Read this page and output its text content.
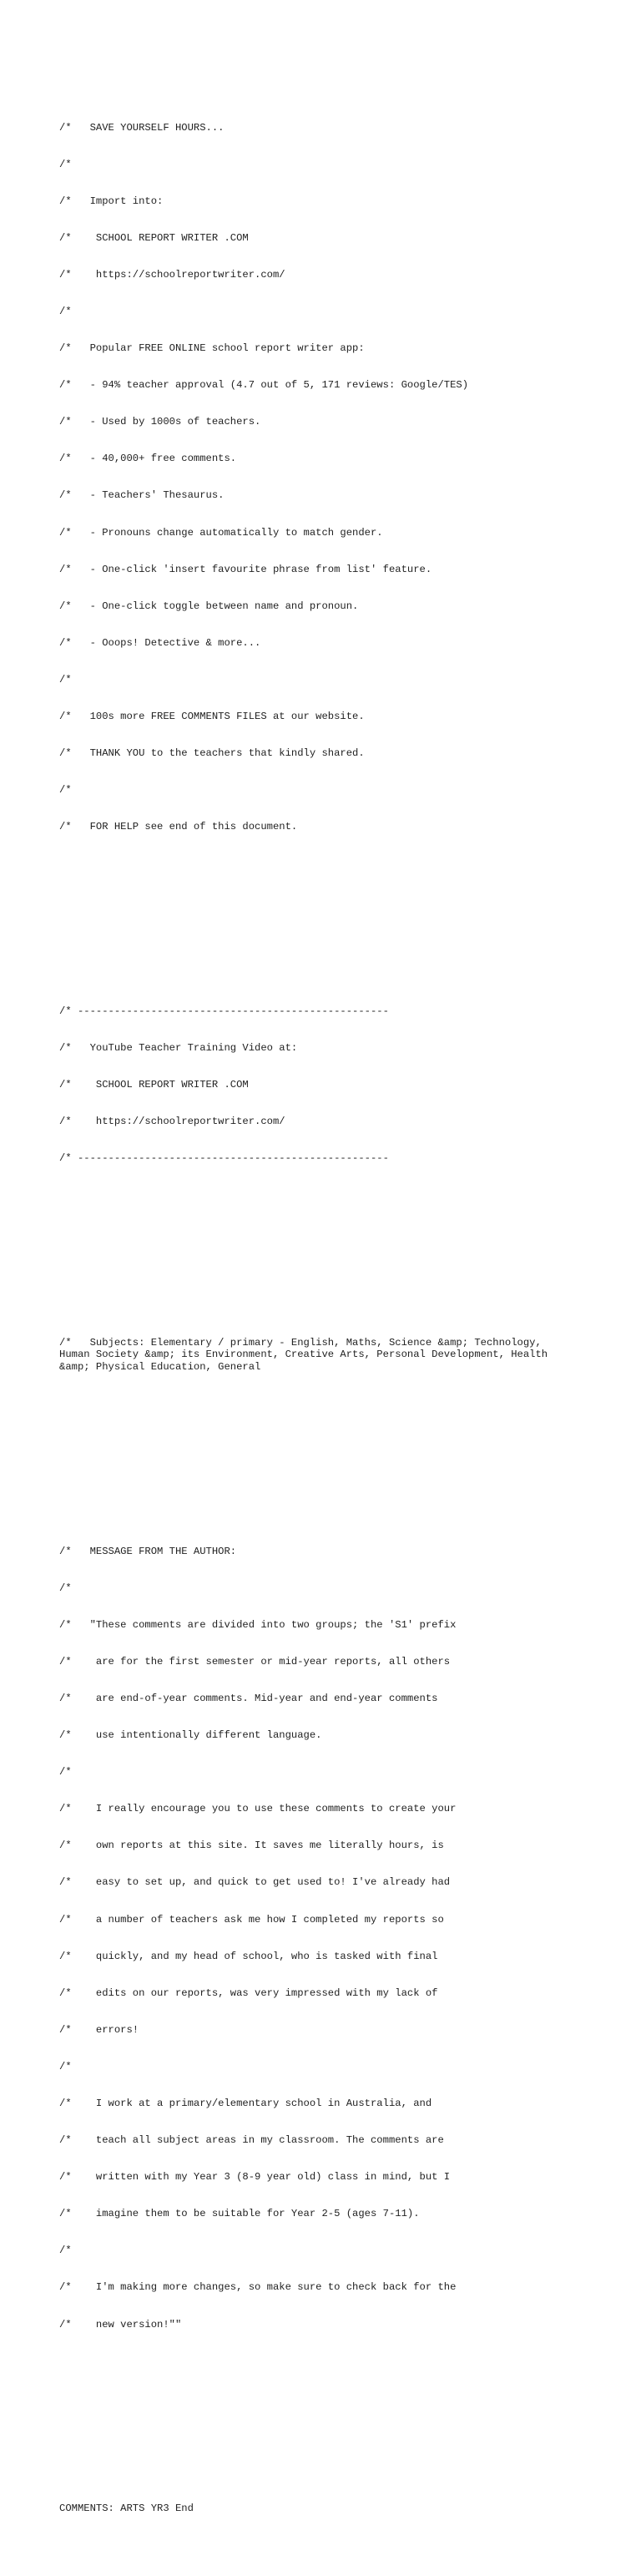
/*   SAVE YOURSELF HOURS...

/*

/*   Import into:

/*    SCHOOL REPORT WRITER .COM

/*    https://schoolreportwriter.com/

/*

/*   Popular FREE ONLINE school report writer app:

/*   - 94% teacher approval (4.7 out of 5, 171 reviews: Google/TES)

/*   - Used by 1000s of teachers.

/*   - 40,000+ free comments.

/*   - Teachers' Thesaurus.

/*   - Pronouns change automatically to match gender.

/*   - One-click 'insert favourite phrase from list' feature.

/*   - One-click toggle between name and pronoun.

/*   - Ooops! Detective & more...

/*

/*   100s more FREE COMMENTS FILES at our website.

/*   THANK YOU to the teachers that kindly shared.

/*

/*   FOR HELP see end of this document.

/* ---------------------------------------------------

/*   YouTube Teacher Training Video at:

/*    SCHOOL REPORT WRITER .COM

/*    https://schoolreportwriter.com/

/* ---------------------------------------------------

/*   Subjects: Elementary / primary - English, Maths, Science &amp; Technology, Human Society &amp; its Environment, Creative Arts, Personal Development, Health &amp; Physical Education, General

/*   MESSAGE FROM THE AUTHOR:

/*

/*   "These comments are divided into two groups; the 'S1' prefix

/*    are for the first semester or mid-year reports, all others

/*    are end-of-year comments. Mid-year and end-year comments

/*    use intentionally different language.

/*

/*    I really encourage you to use these comments to create your

/*    own reports at this site. It saves me literally hours, is

/*    easy to set up, and quick to get used to! I've already had

/*    a number of teachers ask me how I completed my reports so

/*    quickly, and my head of school, who is tasked with final

/*    edits on our reports, was very impressed with my lack of

/*    errors!

/*

/*    I work at a primary/elementary school in Australia, and

/*    teach all subject areas in my classroom. The comments are

/*    written with my Year 3 (8-9 year old) class in mind, but I

/*    imagine them to be suitable for Year 2-5 (ages 7-11).

/*

/*    I'm making more changes, so make sure to check back for the

/*    new version!""

COMMENTS: ARTS YR3 End
